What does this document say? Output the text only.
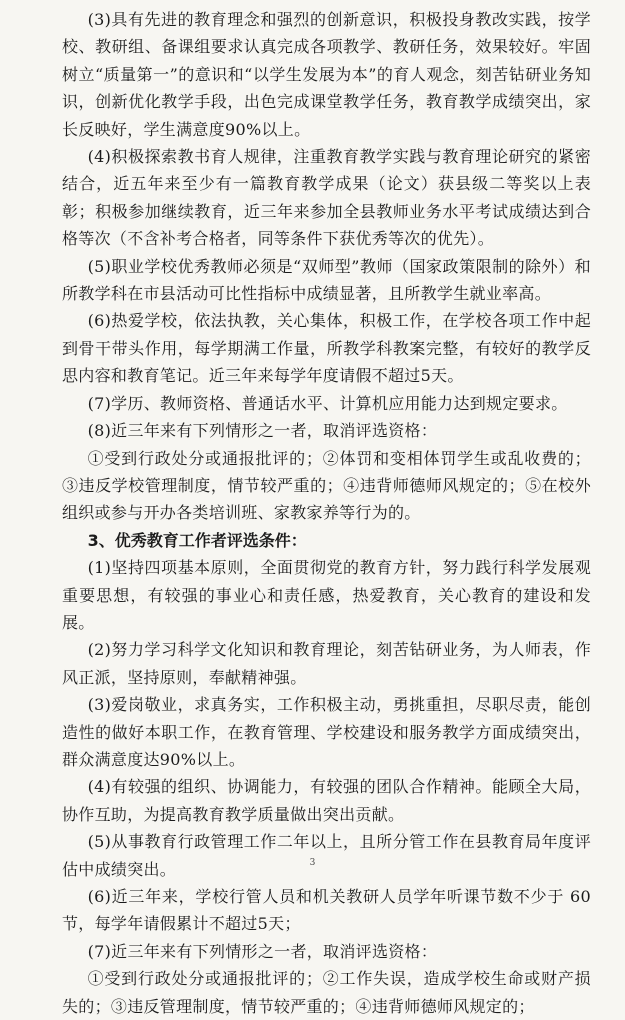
(3)具有先进的教育理念和强烈的创新意识，积极投身教改实践，按学校、教研组、备课组要求认真完成各项教学、教研任务，效果较好。牢固树立“质量第一”的意识和“以学生发展为本”的育人观念，刻苦钻研业务知识，创新优化教学手段，出色完成课堂教学任务，教育教学成绩突出，家长反映好，学生满意度90%以上。

(4)积极探索教书育人规律，注重教育教学实践与教育理论研究的紧密结合，近五年来至少有一篇教育教学成果（论文）获县级二等奖以上表彰；积极参加继续教育，近三年来参加全县教师业务水平考试成绩达到合格等次（不含补考合格者，同等条件下获优秀等次的优先）。

(5)职业学校优秀教师必须是“双师型”教师（国家政策限制的除外）和所教学科在市县活动可比性指标中成绩显著，且所教学生就业率高。

(6)热爱学校，依法执教，关心集体，积极工作，在学校各项工作中起到骨干带头作用，每学期满工作量，所教学科教案完整，有较好的教学反思内容和教育笔记。近三年来每学年度请假不超过5天。

(7)学历、教师资格、普通话水平、计算机应用能力达到规定要求。

(8)近三年来有下列情形之一者，取消评选资格：

①受到行政处分或通报批评的；②体罚和变相体罚学生或乱收费的；③违反学校管理制度，情节较严重的；④违背师德师风规定的；⑤在校外组织或参与开办各类培训班、家教家养等行为的。

3、优秀教育工作者评选条件：

(1)坚持四项基本原则，全面贯彻党的教育方针，努力践行科学发展观重要思想，有较强的事业心和责任感，热爱教育，关心教育的建设和发展。

(2)努力学习科学文化知识和教育理论，刻苦钻研业务，为人师表，作风正派，坚持原则，奉献精神强。

(3)爱岗敬业，求真务实，工作积极主动，勇挑重担，尽职尽责，能创造性的做好本职工作，在教育管理、学校建设和服务教学方面成绩突出，群众满意度达90%以上。

(4)有较强的组织、协调能力，有较强的团队合作精神。能顾全大局，协作互助，为提高教育教学质量做出突出贡献。

(5)从事教育行政管理工作二年以上，且所分管工作在县教育局年度评估中成绩突出。

(6)近三年来，学校行管人员和机关教研人员学年听课节数不少于 60节，每学年请假累计不超过5天；

(7)近三年来有下列情形之一者，取消评选资格：

①受到行政处分或通报批评的；②工作失误，造成学校生命或财产损失的；③违反管理制度，情节较严重的；④违背师德师风规定的；

3
